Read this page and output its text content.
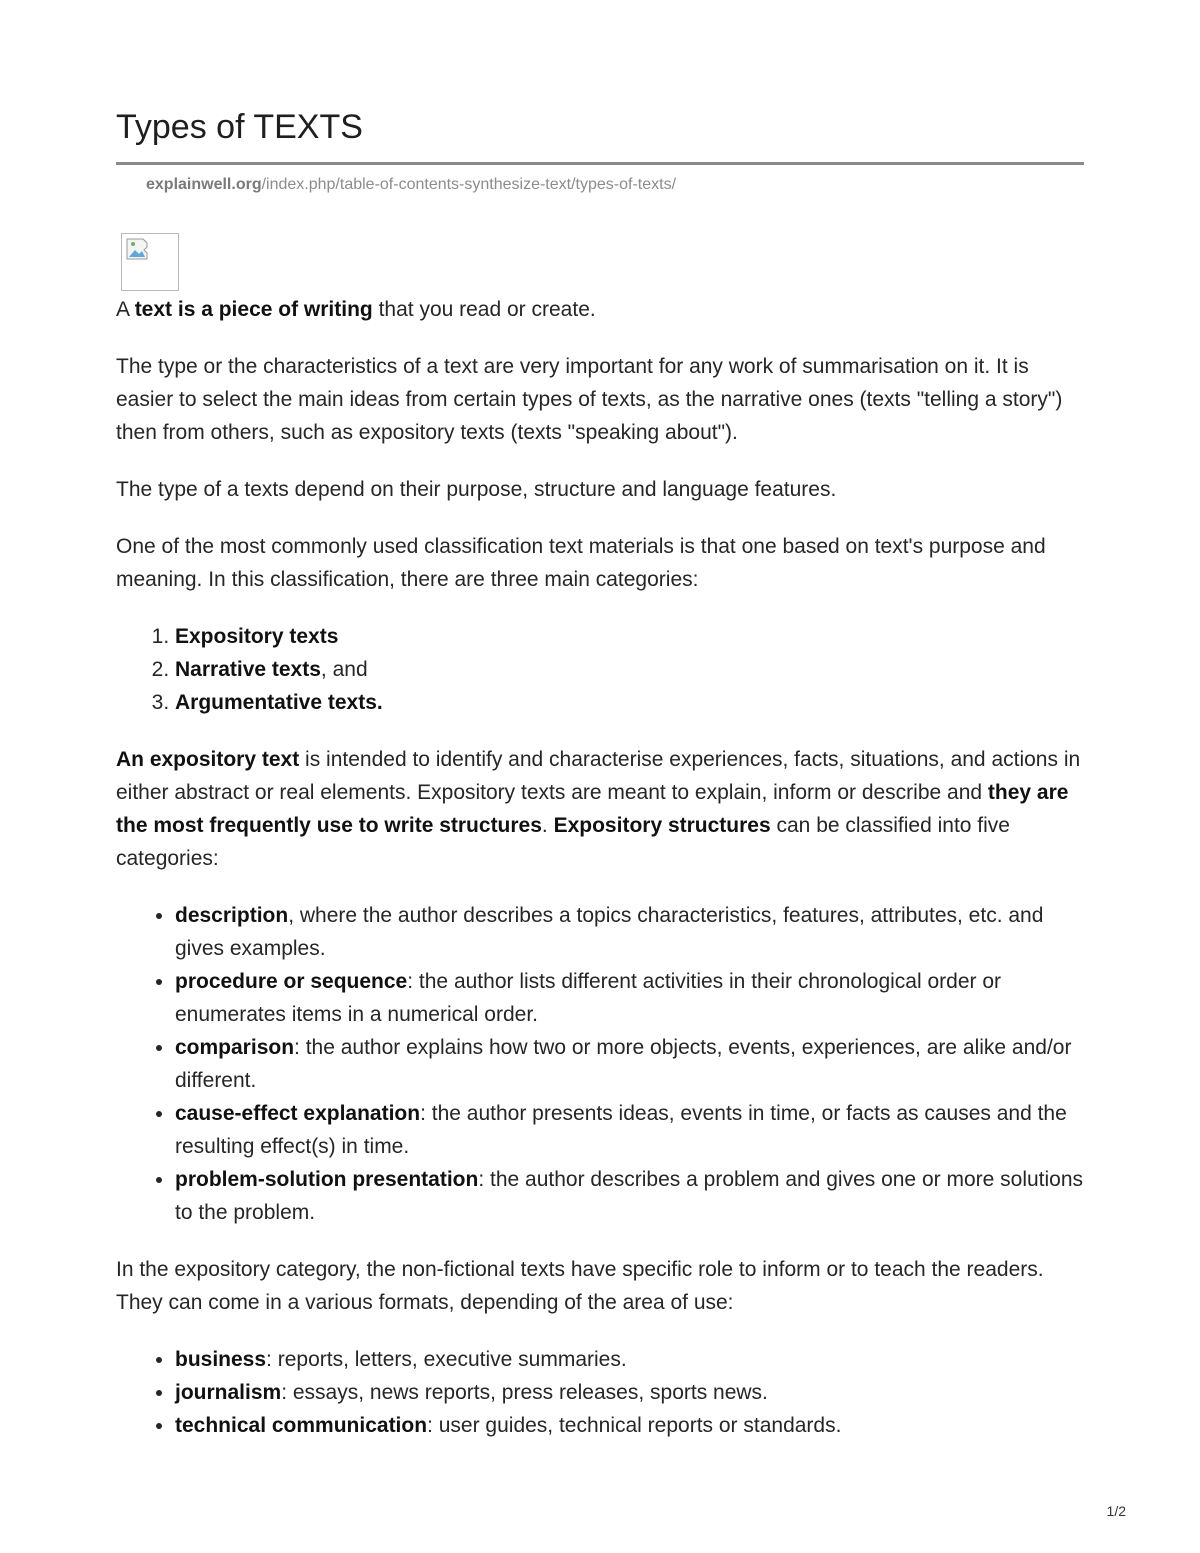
Types of TEXTS
explainwell.org/index.php/table-of-contents-synthesize-text/types-of-texts/

A text is a piece of writing that you read or create.

The type or the characteristics of a text are very important for any work of summarisation on it. It is easier to select the main ideas from certain types of texts, as the narrative ones (texts "telling a story") then from others, such as expository texts (texts "speaking about").

The type of a texts depend on their purpose, structure and language features.

One of the most commonly used classification text materials is that one based on text's purpose and meaning. In this classification, there are three main categories:

1. Expository texts
2. Narrative texts, and
3. Argumentative texts.

An expository text is intended to identify and characterise experiences, facts, situations, and actions in either abstract or real elements. Expository texts are meant to explain, inform or describe and they are the most frequently use to write structures. Expository structures can be classified into five categories:

• description, where the author describes a topics characteristics, features, attributes, etc. and gives examples.
• procedure or sequence: the author lists different activities in their chronological order or enumerates items in a numerical order.
• comparison: the author explains how two or more objects, events, experiences, are alike and/or different.
• cause-effect explanation: the author presents ideas, events in time, or facts as causes and the resulting effect(s) in time.
• problem-solution presentation: the author describes a problem and gives one or more solutions to the problem.

In the expository category, the non-fictional texts have specific role to inform or to teach the readers. They can come in a various formats, depending of the area of use:

• business: reports, letters, executive summaries.
• journalism: essays, news reports, press releases, sports news.
• technical communication: user guides, technical reports or standards.
1/2
